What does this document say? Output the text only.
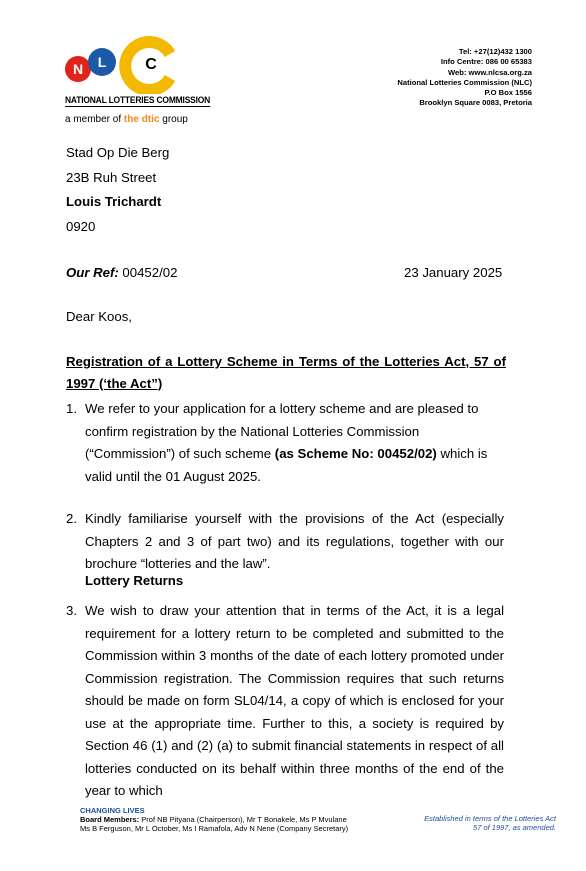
N L C
NATIONAL LOTTERIES COMMISSION
a member of the dtic group
Tel: +27(12)432 1300
Info Centre: 086 00 65383
Web: www.nlcsa.org.za
National Lotteries Commission (NLC)
P.O Box 1556
Brooklyn Square 0083, Pretoria
Stad Op Die Berg
23B Ruh Street
Louis Trichardt
0920
Our Ref: 00452/02	23 January 2025
Dear Koos,
Registration of a Lottery Scheme in Terms of the Lotteries Act, 57 of 1997 (‘the Act”)
1. We refer to your application for a lottery scheme and are pleased to confirm registration by the National Lotteries Commission (“Commission”) of such scheme (as Scheme No: 00452/02) which is valid until the 01 August 2025.
2. Kindly familiarise yourself with the provisions of the Act (especially Chapters 2 and 3 of part two) and its regulations, together with our brochure “lotteries and the law”.
Lottery Returns
3. We wish to draw your attention that in terms of the Act, it is a legal requirement for a lottery return to be completed and submitted to the Commission within 3 months of the date of each lottery promoted under Commission registration. The Commission requires that such returns should be made on form SL04/14, a copy of which is enclosed for your use at the appropriate time. Further to this, a society is required by Section 46 (1) and (2) (a) to submit financial statements in respect of all lotteries conducted on its behalf within three months of the end of the year to which
CHANGING LIVES
Board Members: Prof NB Pityana (Chairperson), Mr T Bonakele, Ms P Mvulane
Ms B Ferguson, Mr L October, Ms I Ramafola, Adv N Nene (Company Secretary)
Established in terms of the Lotteries Act
57 of 1997, as amended.
